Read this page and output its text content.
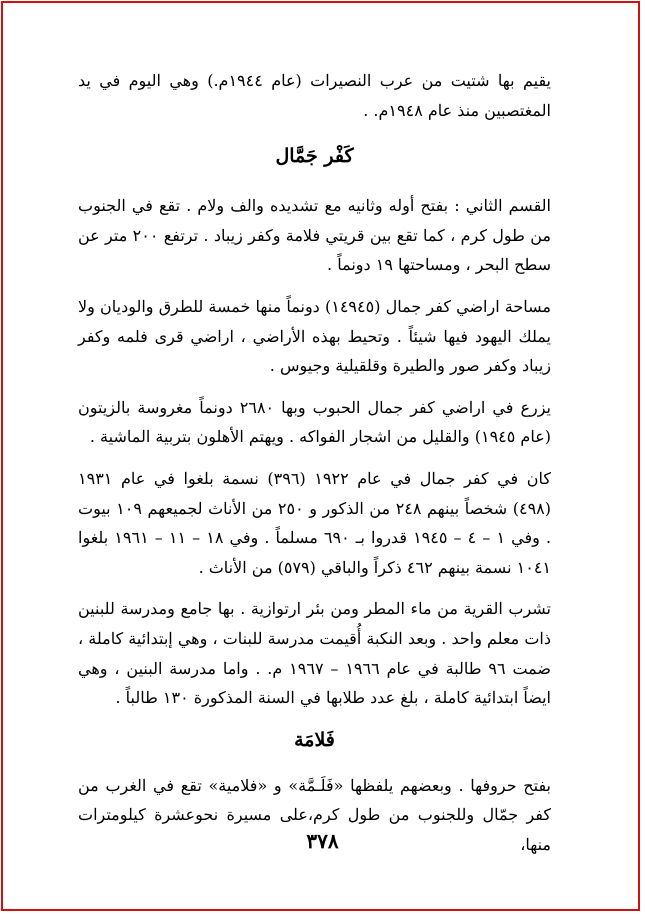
يقيم بها شتيت من عرب النصيرات (عام ١٩٤٤م.) وهي اليوم في يد المغتصبين منذ عام ١٩٤٨م. .

كَفْر جَمَّال

القسم الثاني : بفتح أوله وثانيه مع تشديده والف ولام . تقع في الجنوب من طول كرم ، كما تقع بين قريتي فلامة وكفر زيباد . ترتفع ٢٠٠ متر عن سطح البحر ، ومساحتها ١٩ دونماً .

مساحة اراضي كفر جمال (١٤٩٤٥) دونماً منها خمسة للطرق والوديان ولا يملك اليهود فيها شيئاً . وتحيط بهذه الأراضي ، اراضي قرى فلمه وكفر زيباد وكفر صور والطيرة وقلقيلية وجيوس .

يزرع في اراضي كفر جمال الحبوب وبها ٢٦٨٠ دونماً مغروسة بالزيتون (عام ١٩٤٥) والقليل من اشجار الفواكه . ويهتم الأهلون بتربية الماشية .

كان في كفر جمال في عام ١٩٢٢ (٣٩٦) نسمة بلغوا في عام ١٩٣١ (٤٩٨) شخصاً بينهم ٢٤٨ من الذكور و ٢٥٠ من الأناث لجميعهم ١٠٩ بيوت . وفي ١ – ٤ – ١٩٤٥ قدروا بـ ٦٩٠ مسلماً . وفي ١٨ – ١١ – ١٩٦١ بلغوا ١٠٤١ نسمة بينهم ٤٦٢ ذكراً والباقي (٥٧٩) من الأناث .

تشرب القرية من ماء المطر ومن بئر ارتوازية . بها جامع ومدرسة للبنين ذات معلم واحد . وبعد النكبة أُقيمت مدرسة للبنات ، وهي إبتدائية كاملة ، ضمت ٩٦ طالبة في عام ١٩٦٦ – ١٩٦٧ م. . واما مدرسة البنين ، وهي ايضاً ابتدائية كاملة ، بلغ عدد طلابها في السنة المذكورة ١٣٠ طالباً .

فَلامَة

بفتح حروفها . وبعضهم يلفظها «فَلَـمَّة» و «فلامية» تقع في الغرب من كفر جمّال وللجنوب من طول كرم،على مسيرة نحوعشرة كيلومترات منها،

٣٧٨
